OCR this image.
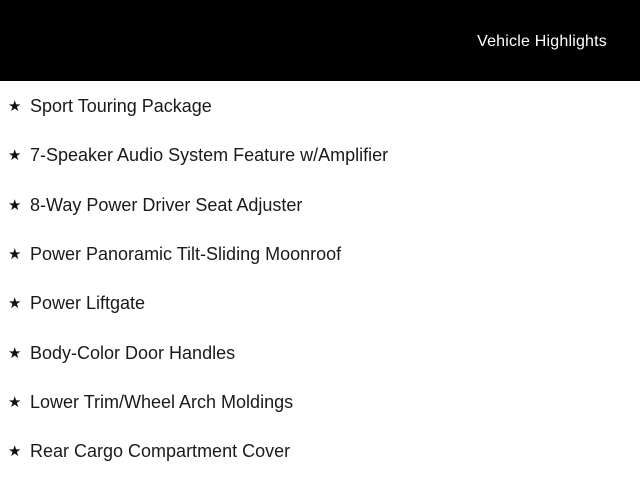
Vehicle Highlights
★ Sport Touring Package
★ 7-Speaker Audio System Feature w/Amplifier
★ 8-Way Power Driver Seat Adjuster
★ Power Panoramic Tilt-Sliding Moonroof
★ Power Liftgate
★ Body-Color Door Handles
★ Lower Trim/Wheel Arch Moldings
★ Rear Cargo Compartment Cover
